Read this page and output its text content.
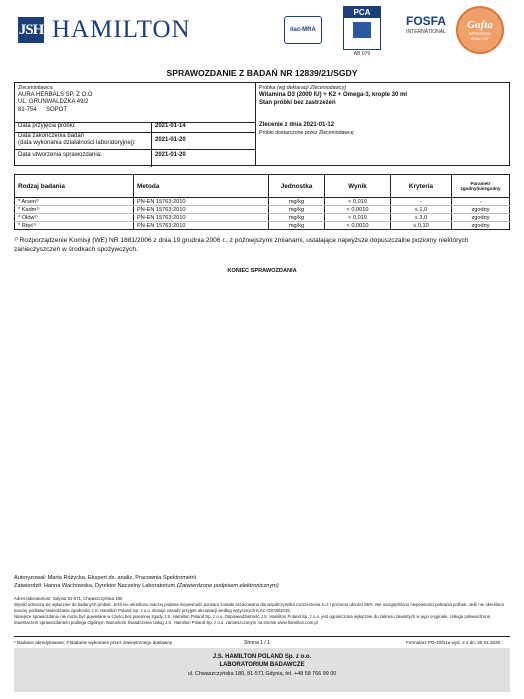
JSH HAMILTON	ilac-MRA
PCA
AB 079
FOSFA
INTERNATIONAL
Gafta
APPROVED
ANALYST
SPRAWOZDANIE Z BADAŃ NR 12839/21/SGDY
Zleceniodawca
AURA HERBALS SP. Z O.O
UL. GRUNWALDZKA 49/2
81-754 SOPOT
Data przyjęcia próbki:	2021-01-14
Data zakończenia badań
(data wykonania działalności laboratoryjnej):	2021-01-20
Data utworzenia sprawozdania:	2021-01-20
Próbka (wg deklaracji Zleceniodawcy)
Witamina D3 (2000 IU) + K2 + Omega-3, krople 30 ml
Stan próbki bez zastrzeżeń
Zlecenie z dnia 2021-01-12
Próbki dostarczone przez Zleceniodawcę
Rodzaj badania	Metoda	Jednostka	Wynik	Kryteria	Parametr zgodny/niezgodny
* Arsen¹⁾	PN-EN 15763:2010	mg/kg	< 0,010	-	-
* Kadm¹⁾	PN-EN 15763:2010	mg/kg	< 0,0010	≤ 1,0	zgodny
* Ołów¹⁾	PN-EN 15763:2010	mg/kg	< 0,010	≤ 3,0	zgodny
* Rtęć¹⁾	PN-EN 15763:2010	mg/kg	< 0,0010	≤ 0,10	zgodny
¹⁾ Rozporządzenie Komisji (WE) NR 1881/2006 z dnia 19 grudnia 2006 r., z późniejszymi zmianami, ustalające najwyższe dopuszczalne poziomy niektórych zanieczyszczeń w środkach spożywczych.
KONIEC SPRAWOZDANIA
Autoryzował: Marta Różycka, Ekspert ds. analiz, Pracownia Spektrometrii
Zatwierdził: Hanna Wachowska, Dyrektor Naczelny Laboratorium (Zatwierdzone podpisem elektronicznym)
Adres laboratorium: Gdynia 81-571, Chwaszczyńska 180
Wyniki odnoszą się wyłącznie do badanych próbek. Jeśli nie określono inaczej podana niepewność pomiaru została oszacowana dla współczynnika rozszerzenia k=2 i poziomu ufności 95%. Nie uwzględniono niepewności pobrania próbek. Jeśli nie określono inaczej podstaw stwierdzania zgodności J.S. Hamilton Poland Sp. z o.o. stosuje zasady przyjęte akceptacji według wytycznych ILAC-G8:09/2019.
Niniejsze sprawozdanie nie może być powielane w części bez pisemnej zgody J.S. Hamilton Poland Sp. z o.o. Odpowiedzialność J.S. Hamilton Poland Sp. z o.o. jest ograniczona wyłącznie do zakresu zawartych w jego oryginale. Usługa potwierdzona inwentarzem sprawozdaniem podlega Ogólnym Warunkom Świadczenia Usług J.S. Hamilton Poland Sp. z o.o. zamieszczonym na stronie www.hamilton.com.pl
* Badanie akredytowane; # Badanie wykonane przez zewnętrznego dostawcę	Strona 1 / 1	Formularz PO-10/01a wyd. 2 z dn. 20.01.2020
J.S. HAMILTON POLAND Sp. z o.o.
LABORATORIUM BADAWCZE
ul. Chwaszczyńska 180, 81-571 Gdynia, tel. +48 58 766 99 00
